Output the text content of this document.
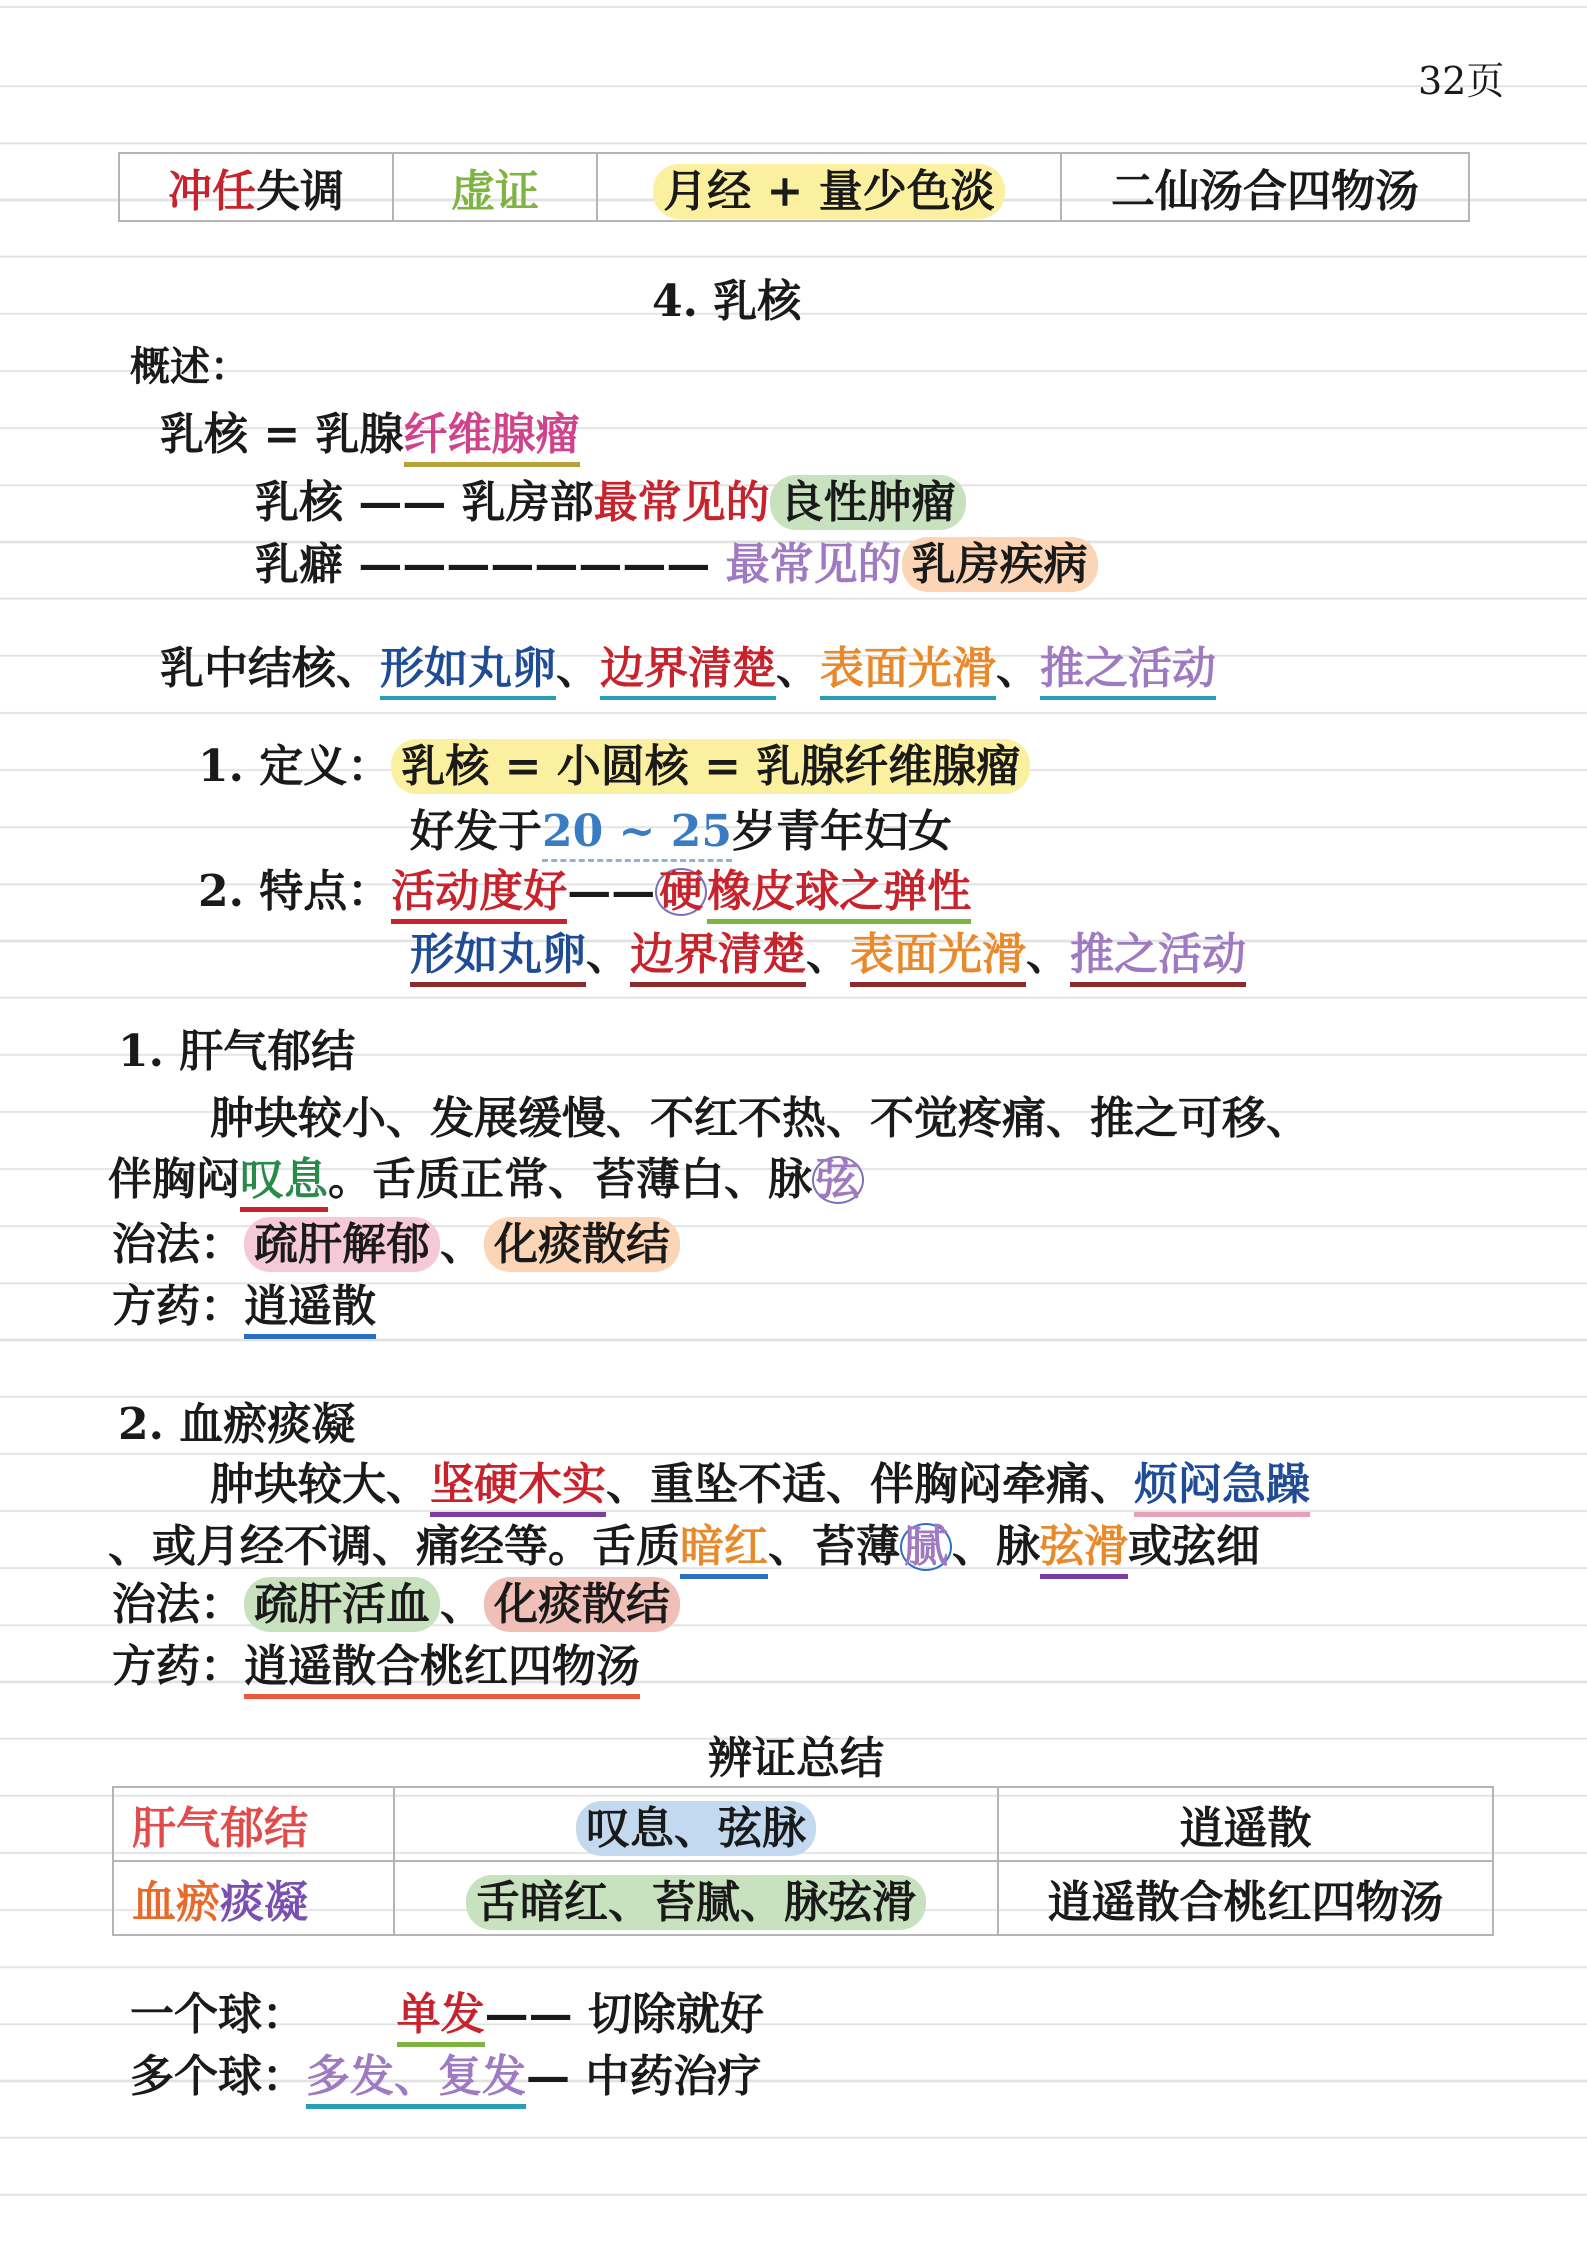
32页
冲任失调	虚证	月经 + 量少色淡	二仙汤合四物汤
4. 乳核
概述：
乳核 = 乳腺纤维腺瘤
乳核 —— 乳房部最常见的 良性肿瘤
乳癖 ———————— 最常见的 乳房疾病
乳中结核、形如丸卵、边界清楚、表面光滑、推之活动
1. 定义： 乳核 = 小圆核 = 乳腺纤维腺瘤
好发于20 ~ 25岁青年妇女
2. 特点：活动度好——硬橡皮球之弹性
形如丸卵、边界清楚、表面光滑、推之活动
1. 肝气郁结
肿块较小、发展缓慢、不红不热、不觉疼痛、推之可移、
伴胸闷叹息。舌质正常、苔薄白、脉弦
治法： 疏肝解郁 、 化痰散结
方药：逍遥散
2. 血瘀痰凝
肿块较大、坚硬木实、重坠不适、伴胸闷牵痛、烦闷急躁
、或月经不调、痛经等。舌质暗红、苔薄腻、脉弦滑或弦细
治法： 疏肝活血 、 化痰散结
方药：逍遥散合桃红四物汤
辨证总结
肝气郁结	叹息、弦脉	逍遥散
血瘀痰凝	舌暗红、苔腻、脉弦滑	逍遥散合桃红四物汤
一个球： 单发—— 切除就好
多个球：多发、复发— 中药治疗
